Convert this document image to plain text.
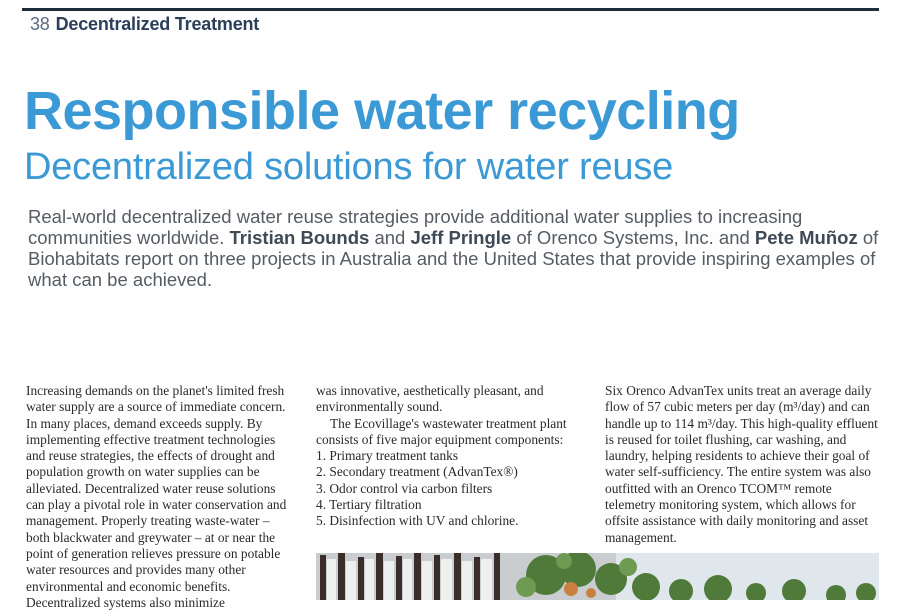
38 Decentralized Treatment
Responsible water recycling
Decentralized solutions for water reuse

Real-world decentralized water reuse strategies provide additional water supplies to increasing communities worldwide. Tristian Bounds and Jeff Pringle of Orenco Systems, Inc. and Pete Muñoz of Biohabitats report on three projects in Australia and the United States that provide inspiring examples of what can be achieved.

Increasing demands on the planet's limited fresh water supply are a source of immediate concern. In many places, demand exceeds supply. By implementing effective treatment technologies and reuse strategies, the effects of drought and population growth on water supplies can be alleviated. Decentralized water reuse solutions can play a pivotal role in water conservation and management. Properly treating waste-water – both blackwater and greywater – at or near the point of generation relieves pressure on potable water resources and provides many other environmental and economic benefits. Decentralized systems also minimize

was innovative, aesthetically pleasant, and environmentally sound.

The Ecovillage's wastewater treatment plant consists of five major equipment components:

1. Primary treatment tanks
2. Secondary treatment (AdvanTex®)
3. Odor control via carbon filters
4. Tertiary filtration
5. Disinfection with UV and chlorine.

Six Orenco AdvanTex units treat an average daily flow of 57 cubic meters per day (m³/day) and can handle up to 114 m³/day. This high-quality effluent is reused for toilet flushing, car washing, and laundry, helping residents to achieve their goal of water self-sufficiency. The entire system was also outfitted with an Orenco TCOM™ remote telemetry monitoring system, which allows for offsite assistance with daily monitoring and asset management.
